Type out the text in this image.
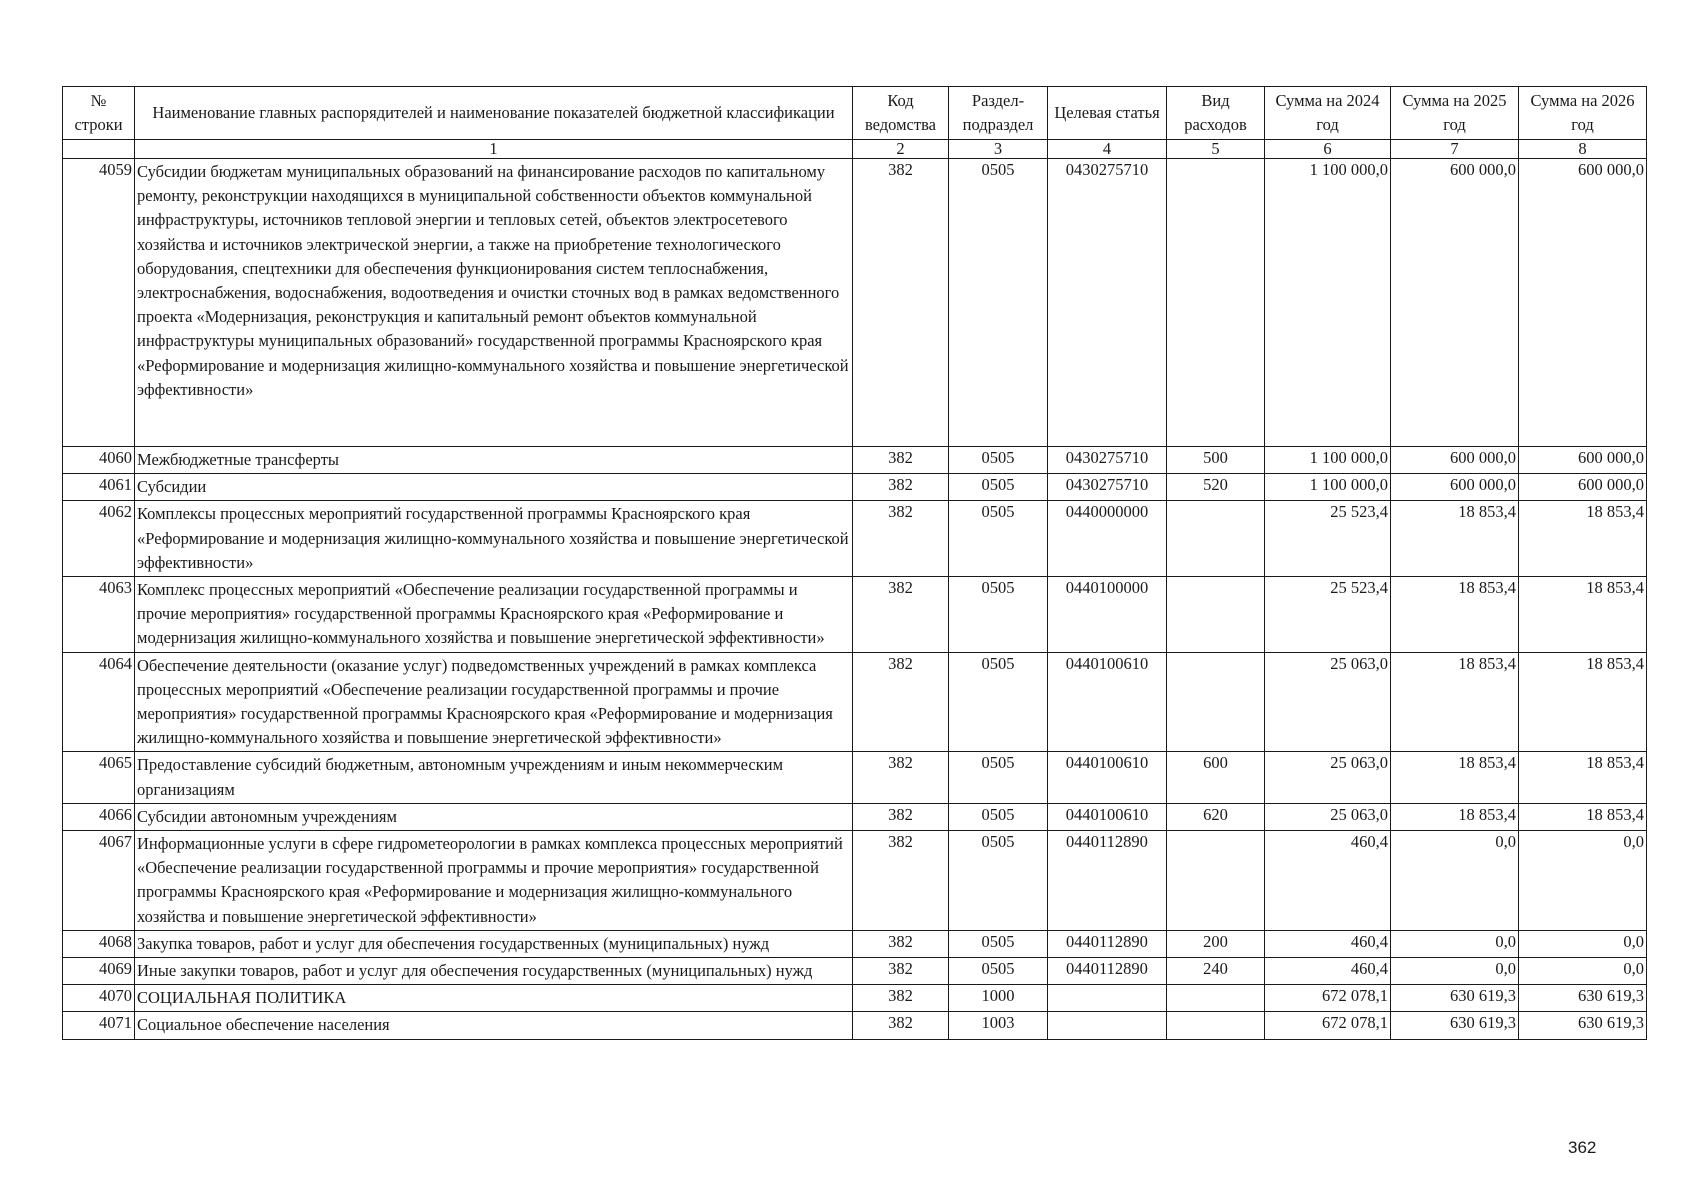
№ строки	Наименование главных распорядителей и наименование показателей бюджетной классификации	Код ведомства	Раздел-подраздел	Целевая статья	Вид расходов	Сумма на 2024 год	Сумма на 2025 год	Сумма на 2026 год
	1	2	3	4	5	6	7	8
4059	Субсидии бюджетам муниципальных образований на финансирование расходов по капитальному ремонту, реконструкции находящихся в муниципальной собственности объектов коммунальной инфраструктуры, источников тепловой энергии и тепловых сетей, объектов электросетевого хозяйства и источников электрической энергии, а также на приобретение технологического оборудования, спецтехники для обеспечения функционирования систем теплоснабжения, электроснабжения, водоснабжения, водоотведения и очистки сточных вод в рамках ведомственного проекта «Модернизация, реконструкция и капитальный ремонт объектов коммунальной инфраструктуры муниципальных образований» государственной программы Красноярского края «Реформирование и модернизация жилищно-коммунального хозяйства и повышение энергетической эффективности»	382	0505	0430275710		1 100 000,0	600 000,0	600 000,0
4060	Межбюджетные трансферты	382	0505	0430275710	500	1 100 000,0	600 000,0	600 000,0
4061	Субсидии	382	0505	0430275710	520	1 100 000,0	600 000,0	600 000,0
4062	Комплексы процессных мероприятий государственной программы Красноярского края «Реформирование и модернизация жилищно-коммунального хозяйства и повышение энергетической эффективности»	382	0505	0440000000		25 523,4	18 853,4	18 853,4
4063	Комплекс процессных мероприятий «Обеспечение реализации государственной программы и прочие мероприятия» государственной программы Красноярского края «Реформирование и модернизация жилищно-коммунального хозяйства и повышение энергетической эффективности»	382	0505	0440100000		25 523,4	18 853,4	18 853,4
4064	Обеспечение деятельности (оказание услуг) подведомственных учреждений в рамках комплекса процессных мероприятий «Обеспечение реализации государственной программы и прочие мероприятия» государственной программы Красноярского края «Реформирование и модернизация жилищно-коммунального хозяйства и повышение энергетической эффективности»	382	0505	0440100610		25 063,0	18 853,4	18 853,4
4065	Предоставление субсидий бюджетным, автономным учреждениям и иным некоммерческим организациям	382	0505	0440100610	600	25 063,0	18 853,4	18 853,4
4066	Субсидии автономным учреждениям	382	0505	0440100610	620	25 063,0	18 853,4	18 853,4
4067	Информационные услуги в сфере гидрометеорологии в рамках комплекса процессных мероприятий «Обеспечение реализации государственной программы и прочие мероприятия» государственной программы Красноярского края «Реформирование и модернизация жилищно-коммунального хозяйства и повышение энергетической эффективности»	382	0505	0440112890		460,4	0,0	0,0
4068	Закупка товаров, работ и услуг для обеспечения государственных (муниципальных) нужд	382	0505	0440112890	200	460,4	0,0	0,0
4069	Иные закупки товаров, работ и услуг для обеспечения государственных (муниципальных) нужд	382	0505	0440112890	240	460,4	0,0	0,0
4070	СОЦИАЛЬНАЯ ПОЛИТИКА	382	1000			672 078,1	630 619,3	630 619,3
4071	Социальное обеспечение населения	382	1003			672 078,1	630 619,3	630 619,3
362
